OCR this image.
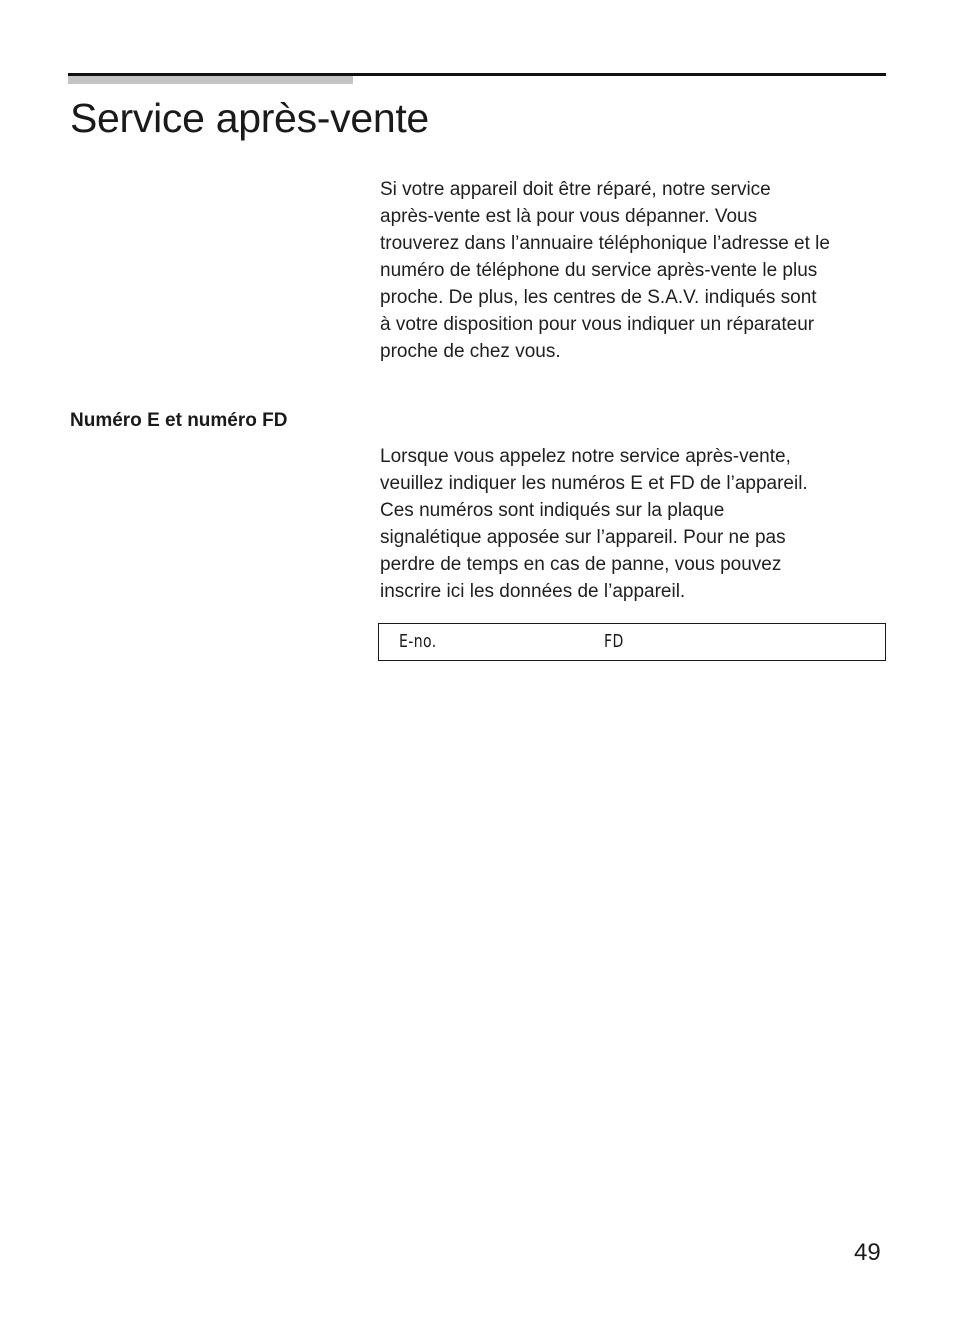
Service après-vente

Si votre appareil doit être réparé, notre service
après-vente est là pour vous dépanner. Vous
trouverez dans l’annuaire téléphonique l’adresse et le
numéro de téléphone du service après-vente le plus
proche. De plus, les centres de S.A.V. indiqués sont
à votre disposition pour vous indiquer un réparateur
proche de chez vous.

Numéro E et numéro FD

Lorsque vous appelez notre service après-vente,
veuillez indiquer les numéros E et FD de l’appareil.
Ces numéros sont indiqués sur la plaque
signalétique apposée sur l’appareil. Pour ne pas
perdre de temps en cas de panne, vous pouvez
inscrire ici les données de l’appareil.

E-no.	FD
49
